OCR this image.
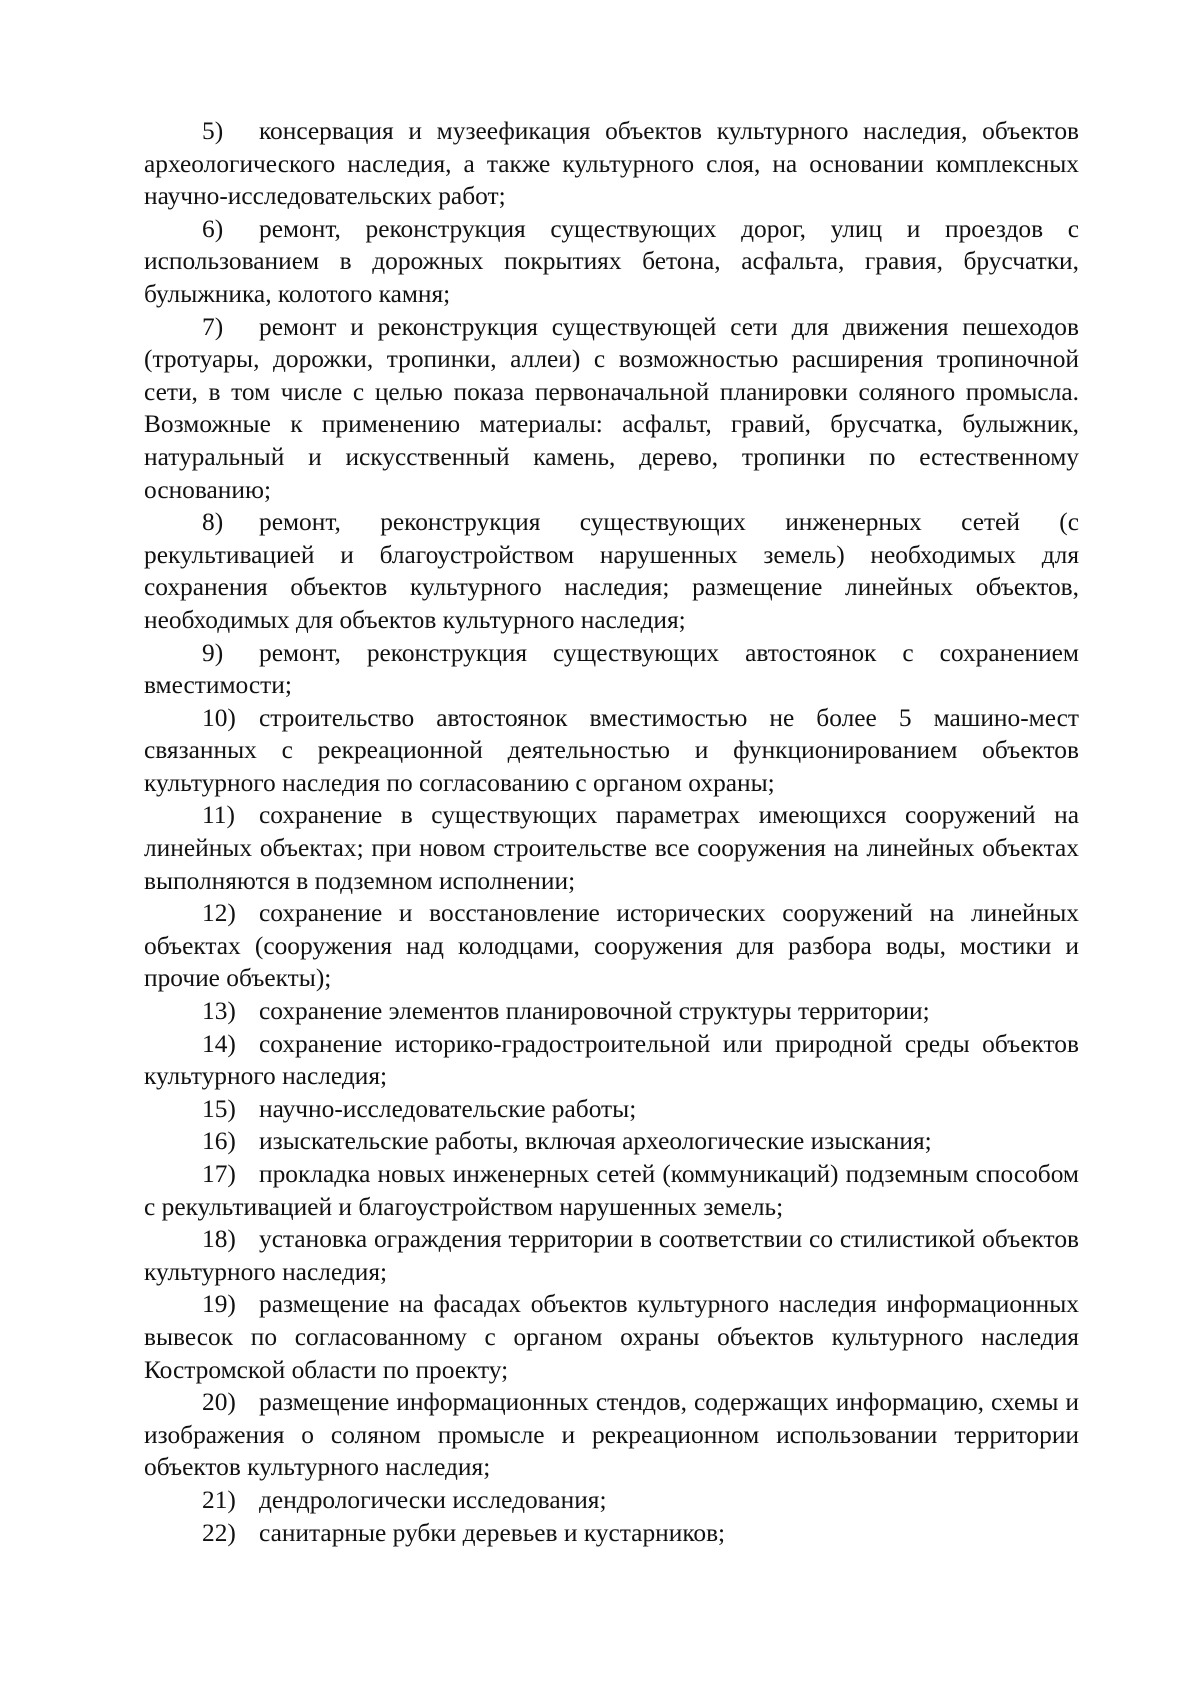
5) консервация и музеефикация объектов культурного наследия, объектов археологического наследия, а также культурного слоя, на основании комплексных научно-исследовательских работ;

6) ремонт, реконструкция существующих дорог, улиц и проездов с использованием в дорожных покрытиях бетона, асфальта, гравия, брусчатки, булыжника, колотого камня;

7) ремонт и реконструкция существующей сети для движения пешеходов (тротуары, дорожки, тропинки, аллеи) с возможностью расширения тропиночной сети, в том числе с целью показа первоначальной планировки соляного промысла. Возможные к применению материалы: асфальт, гравий, брусчатка, булыжник, натуральный и искусственный камень, дерево, тропинки по естественному основанию;

8) ремонт, реконструкция существующих инженерных сетей (с рекультивацией и благоустройством нарушенных земель) необходимых для сохранения объектов культурного наследия; размещение линейных объектов, необходимых для объектов культурного наследия;

9) ремонт, реконструкция существующих автостоянок с сохранением вместимости;

10) строительство автостоянок вместимостью не более 5 машино-мест связанных с рекреационной деятельностью и функционированием объектов культурного наследия по согласованию с органом охраны;

11) сохранение в существующих параметрах имеющихся сооружений на линейных объектах; при новом строительстве все сооружения на линейных объектах выполняются в подземном исполнении;

12) сохранение и восстановление исторических сооружений на линейных объектах (сооружения над колодцами, сооружения для разбора воды, мостики и прочие объекты);

13) сохранение элементов планировочной структуры территории;

14) сохранение историко-градостроительной или природной среды объектов культурного наследия;

15) научно-исследовательские работы;

16) изыскательские работы, включая археологические изыскания;

17) прокладка новых инженерных сетей (коммуникаций) подземным способом с рекультивацией и благоустройством нарушенных земель;

18) установка ограждения территории в соответствии со стилистикой объектов культурного наследия;

19) размещение на фасадах объектов культурного наследия информационных вывесок по согласованному с органом охраны объектов культурного наследия Костромской области по проекту;

20) размещение информационных стендов, содержащих информацию, схемы и изображения о соляном промысле и рекреационном использовании территории объектов культурного наследия;

21) дендрологически исследования;

22) санитарные рубки деревьев и кустарников;
